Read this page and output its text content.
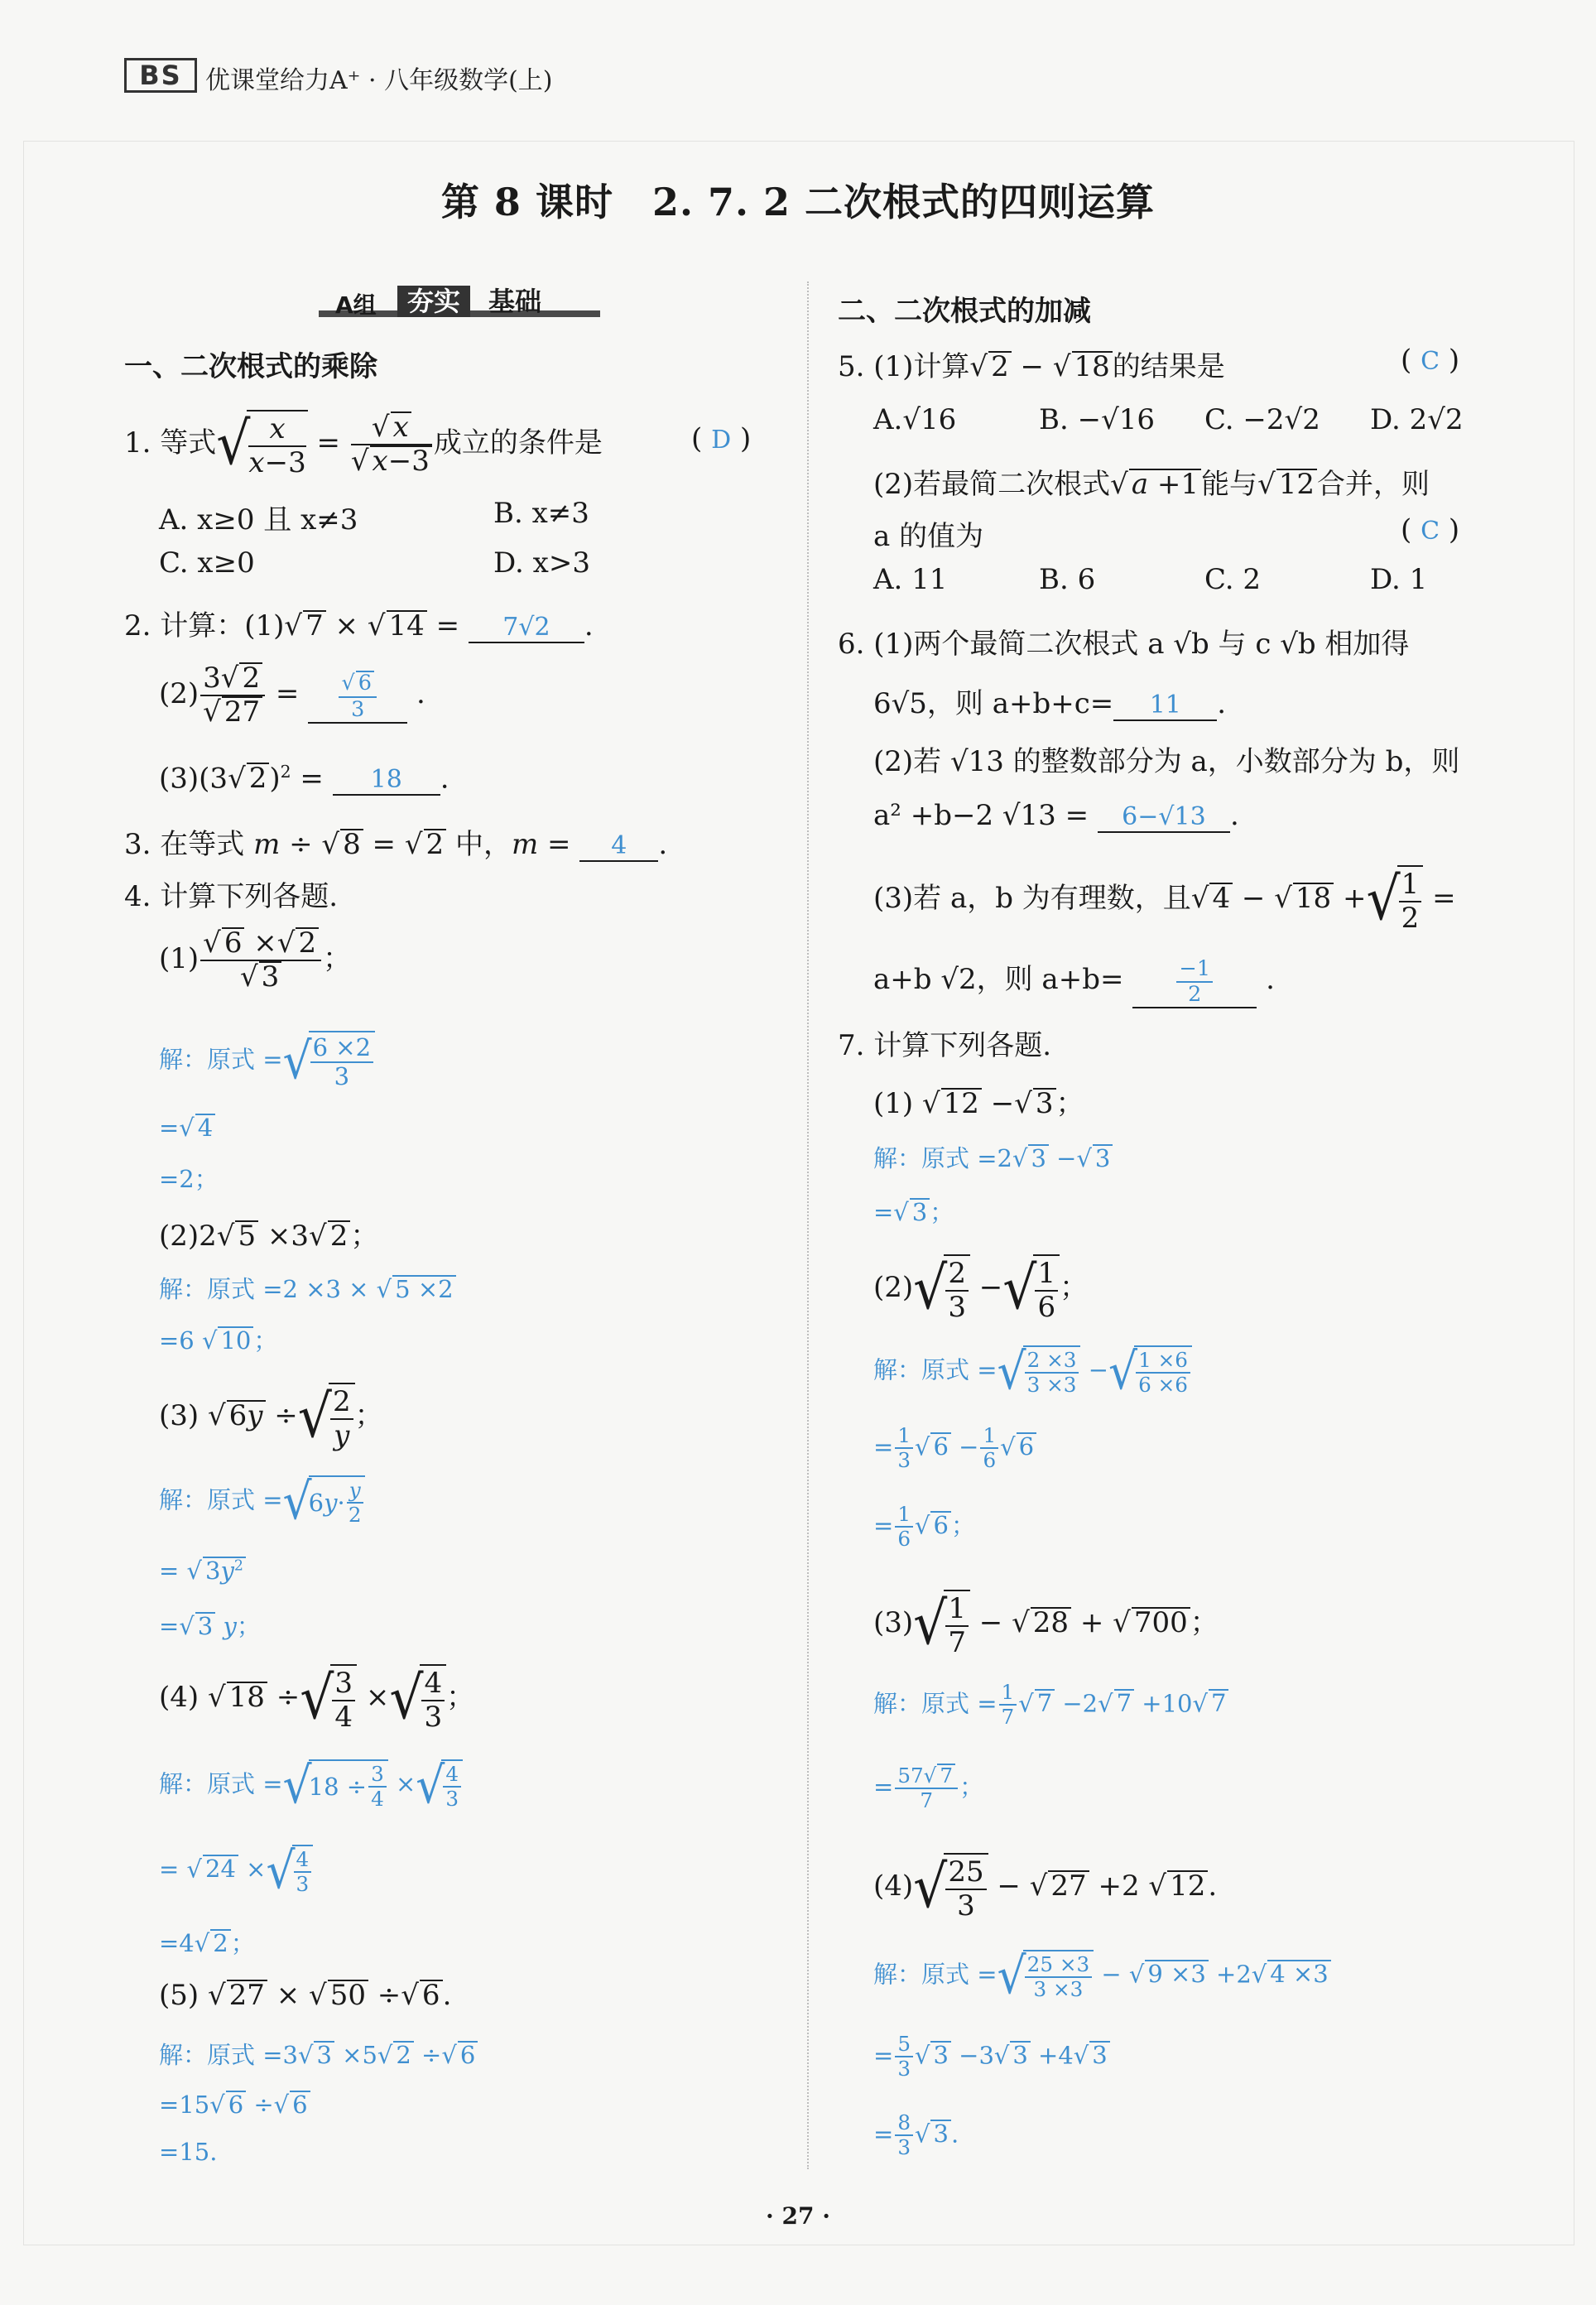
BS 优课堂给力A⁺ · 八年级数学(上)
第 8 课时　2. 7. 2 二次根式的四则运算
A组	夯实	基础
一、二次根式的乘除
1. 等式√
$\frac{x}{x-3} = \frac{√ x}{√ x-3}$ 成立的条件是	( D )
A. x≥0 且 x≠3	B. x≠3
C. x≥0	D. x>3
2. 计算：(1)√ 7 × √ 14 = 7√2 .
$(2) \frac{3√ 2}{√ 27} = \frac{√ 6}{3}$ .
(3)(3√ 2)$^2$ = 18 .
3. 在等式 m ÷ √ 8 = √ 2 中，m = 4 .
4. 计算下列各题.
$(1) \frac{√ 6 \times√ 2}{√ 3}$ ；
解：原式 =√
$\frac{6 \times 2}{3}$
=√ 4
=2；
(2)2√ 5 ×3√ 2；
解：原式 =2 ×3 × √ 5 ×2
=6 √ 10 ；
(3) √ 6y ÷√
$\frac{2}{y}$ ；
解：原式 =√6 $y \cdot \frac{y}{2}$
= √ $3y^2$
=√ 3 y；
(4) √ 18 ÷√
$\frac{3}{4}$ ×√
$\frac{4}{3}$ ；
解：原式 $=√18 \div \frac{3}{4}$ ×√
$\frac{4}{3}$
= √ 24 ×√
$\frac{4}{3}$
=4√ 2 ；
(5) √ 27 × √ 50 ÷√ 6.
解：原式 =3√ 3 ×5√ 2 ÷√ 6
=15√ 6 ÷√ 6
=15.
二、二次根式的加减
5. (1)计算√ 2 − √ 18的结果是	( C )
A.√16	B. −√16 C. −2√2 D. 2√2
(2)若最简二次根式√ a +1能与√ 12合并，则
a 的值为	( C )
A. 11	B. 6	C. 2	D. 1
6. (1)两个最简二次根式 a √b 与 c √b 相加得
6√5，则 a+b+c= 11 .
(2)若 √13 的整数部分为 a，小数部分为 b，则
a² +b−2 √13 = 6−√13 .
(3)若 a，b 为有理数，且√ 4 − √ 18 +√
$\frac{1}{2}$ =
a+b √2，则 a+b=	$\frac{-1}{2}$ .
7. 计算下列各题.
(1) √ 12 −√ 3；
解：原式 =2√ 3 −√ 3
=√ 3 ；
(2)√
$\frac{2}{3}$ −√
$\frac{1}{6}$ ；
解：原式 =√
$\frac{2 \times 3}{3 \times 3}$ −√
$\frac{1 \times 6}{6 \times 6}$
= $\frac{1}{3}$ √ $6 - \frac{1}{6}$ √ 6
= $\frac{1}{6}$ √ 6 ；
(3)√
$\frac{1}{7}$ − √ 28 + √ 700；
解：原式 = $\frac{1}{7}$ √ 7 −2√ 7 +10√ 7
= $\frac{57√ 7}{7}$ ；
(4)√
$\frac{25}{3}$ − √ 27 +2 √ 12.
解：原式 =√
$\frac{25 \times 3}{3 \times 3}$ − √ 9 ×3 +2√ 4 ×3
= $\frac{5}{3}$ √ 3 −3√ 3 +4√ 3
= $\frac{8}{3}$ √ 3 .
· 27 ·
